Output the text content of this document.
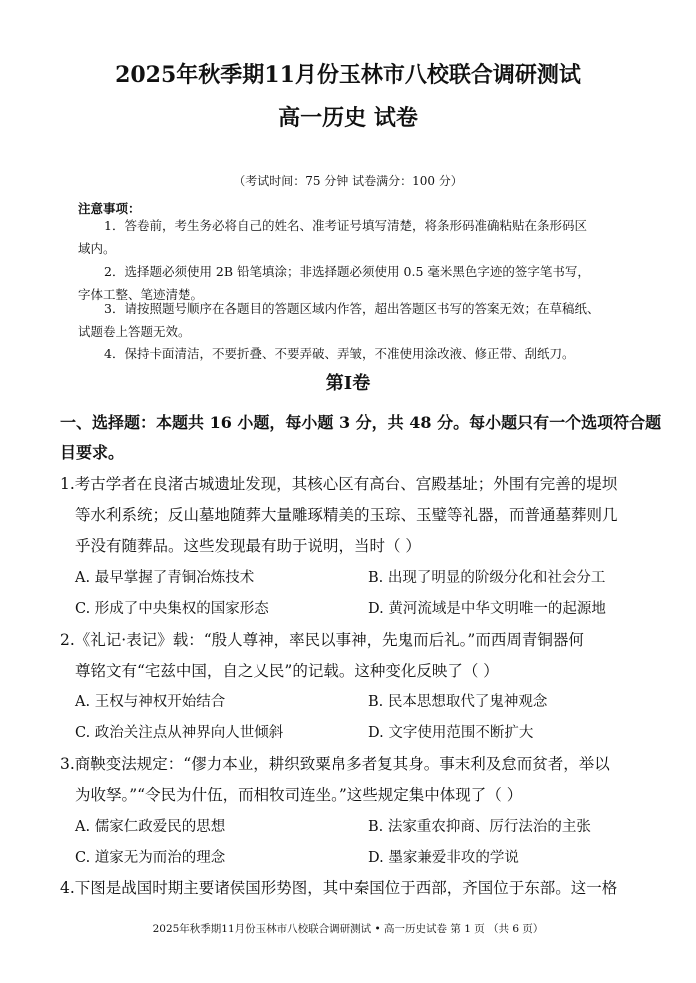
2025年秋季期11月份玉林市八校联合调研测试
高一历史 试卷
（考试时间：75 分钟 试卷满分：100 分）
注意事项：
1．答卷前，考生务必将自己的姓名、准考证号填写清楚，将条形码准确粘贴在条形码区
域内。
2．选择题必须使用 2B 铅笔填涂；非选择题必须使用 0.5 毫米黑色字迹的签字笔书写，
字体工整、笔迹清楚。
3．请按照题号顺序在各题目的答题区域内作答，超出答题区书写的答案无效；在草稿纸、
试题卷上答题无效。
4．保持卡面清洁，不要折叠、不要弄破、弄皱，不准使用涂改液、修正带、刮纸刀。
第Ⅰ卷
一、选择题：本题共 16 小题，每小题 3 分，共 48 分。每小题只有一个选项符合题
目要求。
1.考古学者在良渚古城遗址发现，其核心区有高台、宫殿基址；外围有完善的堤坝
等水利系统；反山墓地随葬大量雕琢精美的玉琮、玉璧等礼器，而普通墓葬则几
乎没有随葬品。这些发现最有助于说明，当时（ ）
A. 最早掌握了青铜冶炼技术	B. 出现了明显的阶级分化和社会分工
C. 形成了中央集权的国家形态	D. 黄河流域是中华文明唯一的起源地
2.《礼记·表记》载：“殷人尊神，率民以事神，先鬼而后礼。”而西周青铜器何
尊铭文有“宅兹中国，自之乂民”的记载。这种变化反映了（ ）
A. 王权与神权开始结合	B. 民本思想取代了鬼神观念
C. 政治关注点从神界向人世倾斜	D. 文字使用范围不断扩大
3.商鞅变法规定：“僇力本业，耕织致粟帛多者复其身。事末利及怠而贫者，举以
为收孥。”“令民为什伍，而相牧司连坐。”这些规定集中体现了（ ）
A. 儒家仁政爱民的思想	B. 法家重农抑商、厉行法治的主张
C. 道家无为而治的理念	D. 墨家兼爱非攻的学说
4.下图是战国时期主要诸侯国形势图，其中秦国位于西部，齐国位于东部。这一格
2025年秋季期11月份玉林市八校联合调研测试 • 高一历史试卷 第 1 页 （共 6 页）
